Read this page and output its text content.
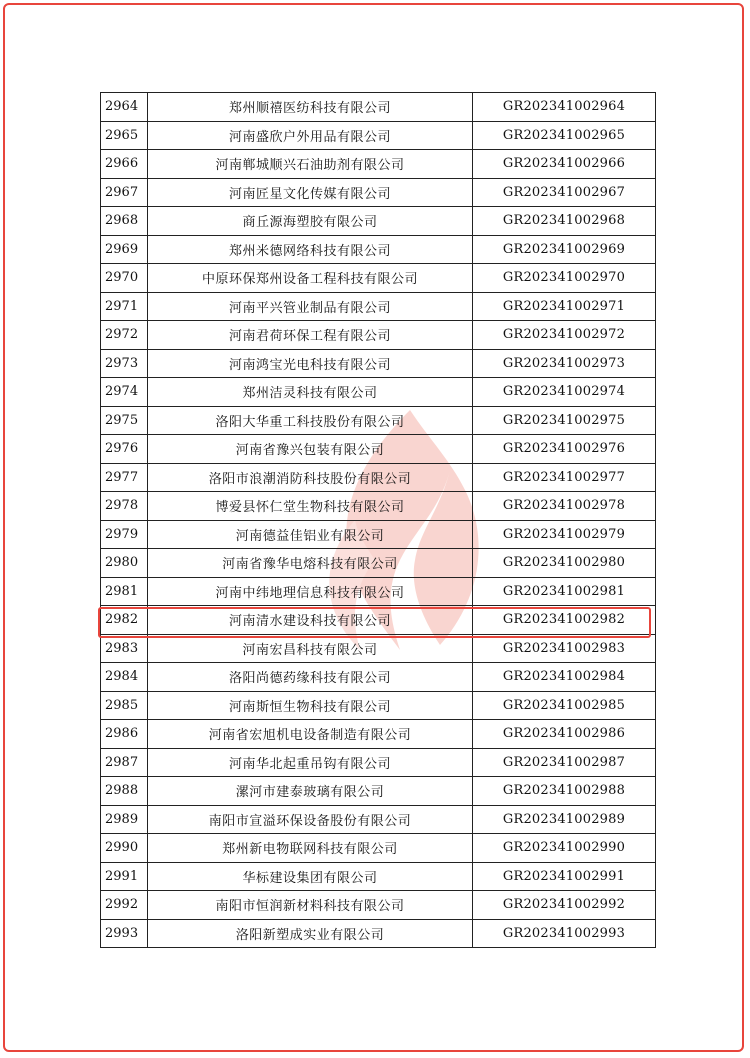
2964	郑州顺禧医纺科技有限公司	GR202341002964
2965	河南盛欣户外用品有限公司	GR202341002965
2966	河南郸城顺兴石油助剂有限公司	GR202341002966
2967	河南匠星文化传媒有限公司	GR202341002967
2968	商丘源海塑胶有限公司	GR202341002968
2969	郑州米德网络科技有限公司	GR202341002969
2970	中原环保郑州设备工程科技有限公司	GR202341002970
2971	河南平兴管业制品有限公司	GR202341002971
2972	河南君荷环保工程有限公司	GR202341002972
2973	河南鸿宝光电科技有限公司	GR202341002973
2974	郑州洁灵科技有限公司	GR202341002974
2975	洛阳大华重工科技股份有限公司	GR202341002975
2976	河南省豫兴包装有限公司	GR202341002976
2977	洛阳市浪潮消防科技股份有限公司	GR202341002977
2978	博爱县怀仁堂生物科技有限公司	GR202341002978
2979	河南德益佳铝业有限公司	GR202341002979
2980	河南省豫华电熔科技有限公司	GR202341002980
2981	河南中纬地理信息科技有限公司	GR202341002981
2982	河南清水建设科技有限公司	GR202341002982
2983	河南宏昌科技有限公司	GR202341002983
2984	洛阳尚德药缘科技有限公司	GR202341002984
2985	河南斯恒生物科技有限公司	GR202341002985
2986	河南省宏旭机电设备制造有限公司	GR202341002986
2987	河南华北起重吊钩有限公司	GR202341002987
2988	漯河市建泰玻璃有限公司	GR202341002988
2989	南阳市宣溢环保设备股份有限公司	GR202341002989
2990	郑州新电物联网科技有限公司	GR202341002990
2991	华标建设集团有限公司	GR202341002991
2992	南阳市恒润新材料科技有限公司	GR202341002992
2993	洛阳新塑成实业有限公司	GR202341002993
